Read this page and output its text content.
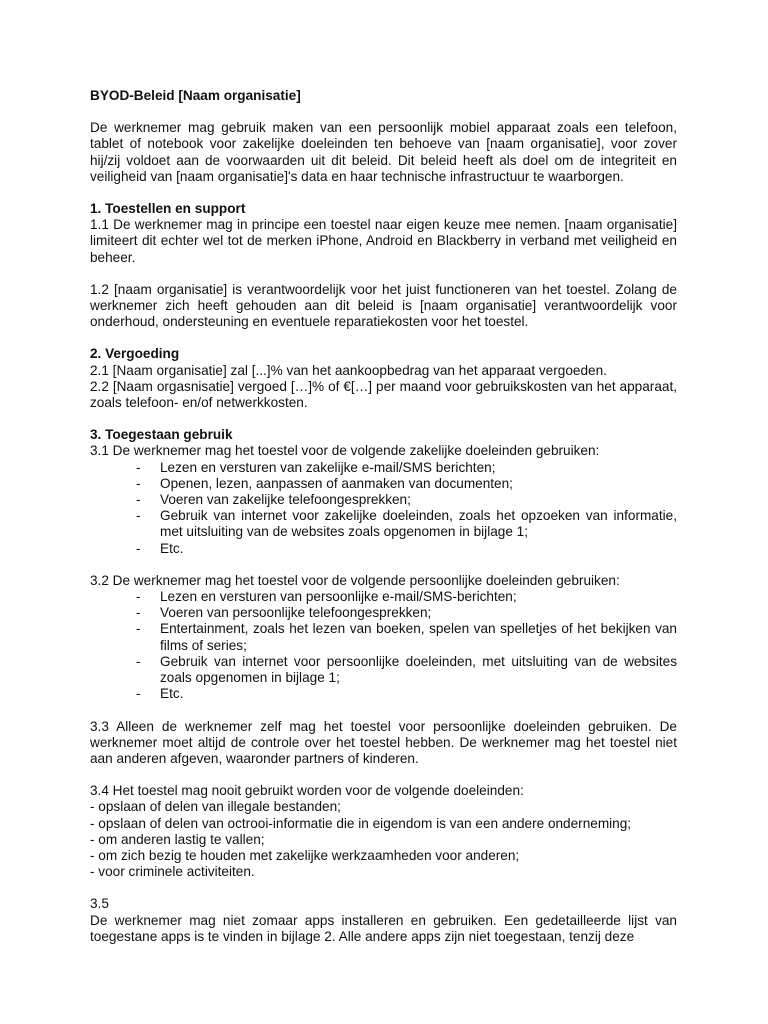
BYOD-Beleid [Naam organisatie]

De werknemer mag gebruik maken van een persoonlijk mobiel apparaat zoals een telefoon, tablet of notebook voor zakelijke doeleinden ten behoeve van [naam organisatie], voor zover hij/zij voldoet aan de voorwaarden uit dit beleid. Dit beleid heeft als doel om de integriteit en veiligheid van [naam organisatie]'s data en haar technische infrastructuur te waarborgen.

1. Toestellen en support

1.1 De werknemer mag in principe een toestel naar eigen keuze mee nemen. [naam organisatie] limiteert dit echter wel tot de merken iPhone, Android en Blackberry in verband met veiligheid en beheer.

1.2 [naam organisatie] is verantwoordelijk voor het juist functioneren van het toestel. Zolang de werknemer zich heeft gehouden aan dit beleid is [naam organisatie] verantwoordelijk voor onderhoud, ondersteuning en eventuele reparatiekosten voor het toestel.

2. Vergoeding

2.1 [Naam organisatie] zal [...]% van het aankoopbedrag van het apparaat vergoeden.

2.2 [Naam orgasnisatie] vergoed […]% of €[…] per maand voor gebruikskosten van het apparaat, zoals telefoon- en/of netwerkkosten.

3. Toegestaan gebruik

3.1 De werknemer mag het toestel voor de volgende zakelijke doeleinden gebruiken:

- Lezen en versturen van zakelijke e-mail/SMS berichten;
- Openen, lezen, aanpassen of aanmaken van documenten;
- Voeren van zakelijke telefoongesprekken;
- Gebruik van internet voor zakelijke doeleinden, zoals het opzoeken van informatie, met uitsluiting van de websites zoals opgenomen in bijlage 1;
- Etc.

3.2 De werknemer mag het toestel voor de volgende persoonlijke doeleinden gebruiken:

- Lezen en versturen van persoonlijke e-mail/SMS-berichten;
- Voeren van persoonlijke telefoongesprekken;
- Entertainment, zoals het lezen van boeken, spelen van spelletjes of het bekijken van films of series;
- Gebruik van internet voor persoonlijke doeleinden, met uitsluiting van de websites zoals opgenomen in bijlage 1;
- Etc.

3.3 Alleen de werknemer zelf mag het toestel voor persoonlijke doeleinden gebruiken. De werknemer moet altijd de controle over het toestel hebben. De werknemer mag het toestel niet aan anderen afgeven, waaronder partners of kinderen.

3.4 Het toestel mag nooit gebruikt worden voor de volgende doeleinden:

- opslaan of delen van illegale bestanden;

- opslaan of delen van octrooi-informatie die in eigendom is van een andere onderneming;

- om anderen lastig te vallen;

- om zich bezig te houden met zakelijke werkzaamheden voor anderen;

- voor criminele activiteiten.

3.5

De werknemer mag niet zomaar apps installeren en gebruiken. Een gedetailleerde lijst van toegestane apps is te vinden in bijlage 2. Alle andere apps zijn niet toegestaan, tenzij deze
